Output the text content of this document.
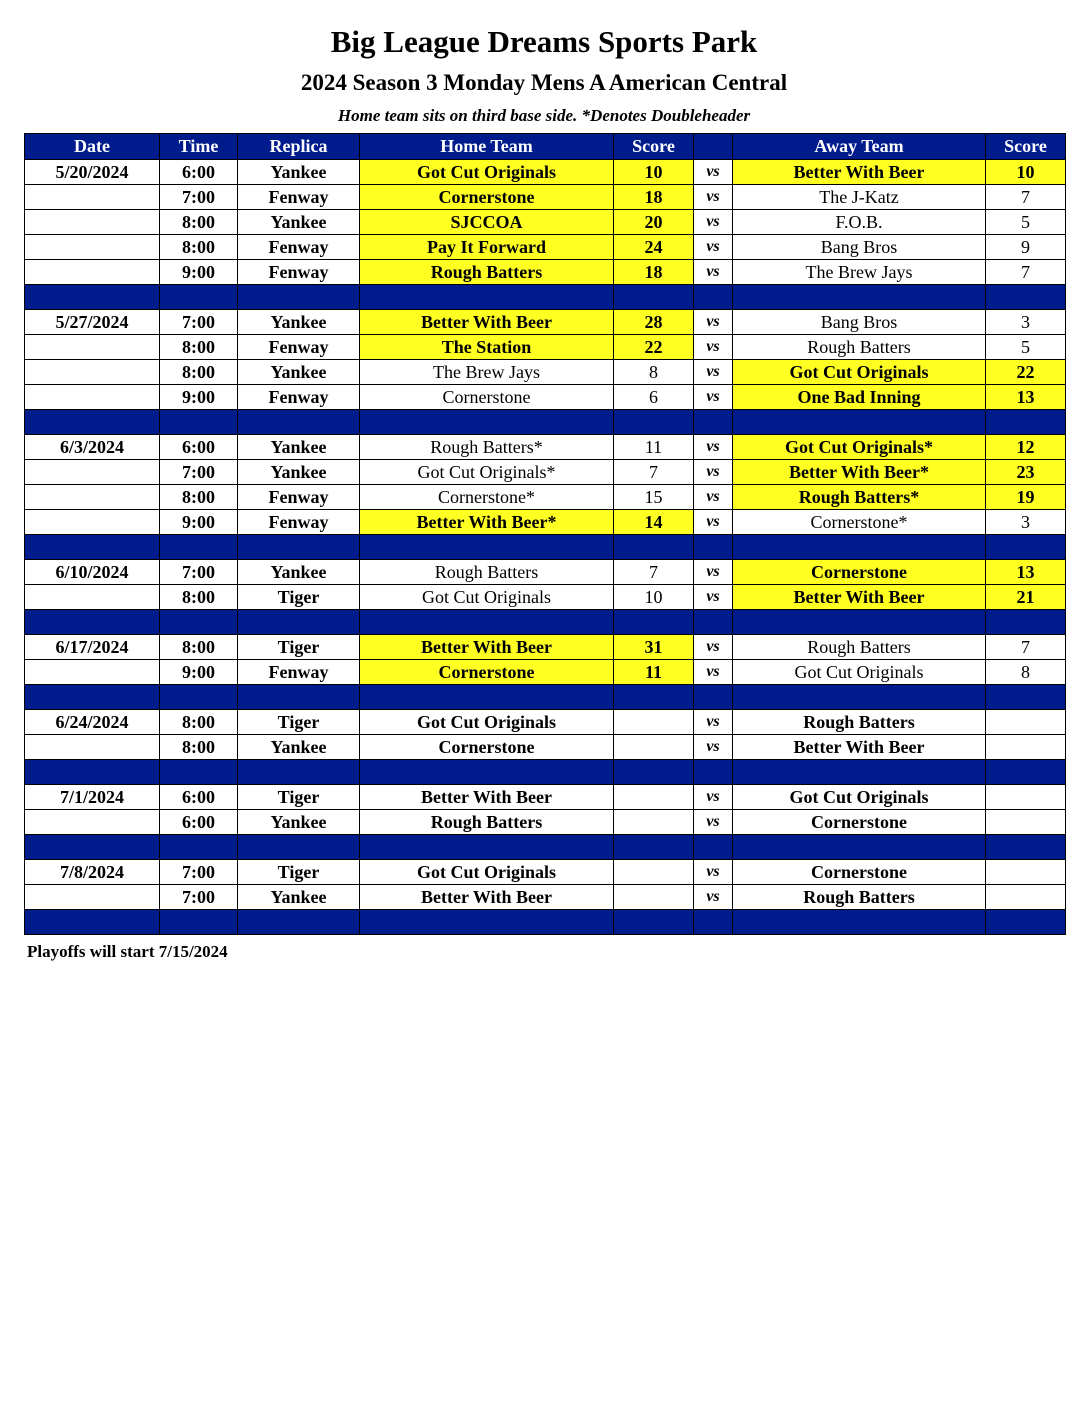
Big League Dreams Sports Park
2024 Season 3 Monday Mens A American Central
Home team sits on third base side. *Denotes Doubleheader
Date	Time	Replica	Home Team	Score		Away Team	Score
5/20/2024	6:00	Yankee	Got Cut Originals	10	vs	Better With Beer	10
	7:00	Fenway	Cornerstone	18	vs	The J-Katz	7
	8:00	Yankee	SJCCOA	20	vs	F.O.B.	5
	8:00	Fenway	Pay It Forward	24	vs	Bang Bros	9
	9:00	Fenway	Rough Batters	18	vs	The Brew Jays	7

5/27/2024	7:00	Yankee	Better With Beer	28	vs	Bang Bros	3
	8:00	Fenway	The Station	22	vs	Rough Batters	5
	8:00	Yankee	The Brew Jays	8	vs	Got Cut Originals	22
	9:00	Fenway	Cornerstone	6	vs	One Bad Inning	13

6/3/2024	6:00	Yankee	Rough Batters*	11	vs	Got Cut Originals*	12
	7:00	Yankee	Got Cut Originals*	7	vs	Better With Beer*	23
	8:00	Fenway	Cornerstone*	15	vs	Rough Batters*	19
	9:00	Fenway	Better With Beer*	14	vs	Cornerstone*	3

6/10/2024	7:00	Yankee	Rough Batters	7	vs	Cornerstone	13
	8:00	Tiger	Got Cut Originals	10	vs	Better With Beer	21

6/17/2024	8:00	Tiger	Better With Beer	31	vs	Rough Batters	7
	9:00	Fenway	Cornerstone	11	vs	Got Cut Originals	8

6/24/2024	8:00	Tiger	Got Cut Originals		vs	Rough Batters	
	8:00	Yankee	Cornerstone		vs	Better With Beer	

7/1/2024	6:00	Tiger	Better With Beer		vs	Got Cut Originals	
	6:00	Yankee	Rough Batters		vs	Cornerstone	

7/8/2024	7:00	Tiger	Got Cut Originals		vs	Cornerstone	
	7:00	Yankee	Better With Beer		vs	Rough Batters	

Playoffs will start 7/15/2024
